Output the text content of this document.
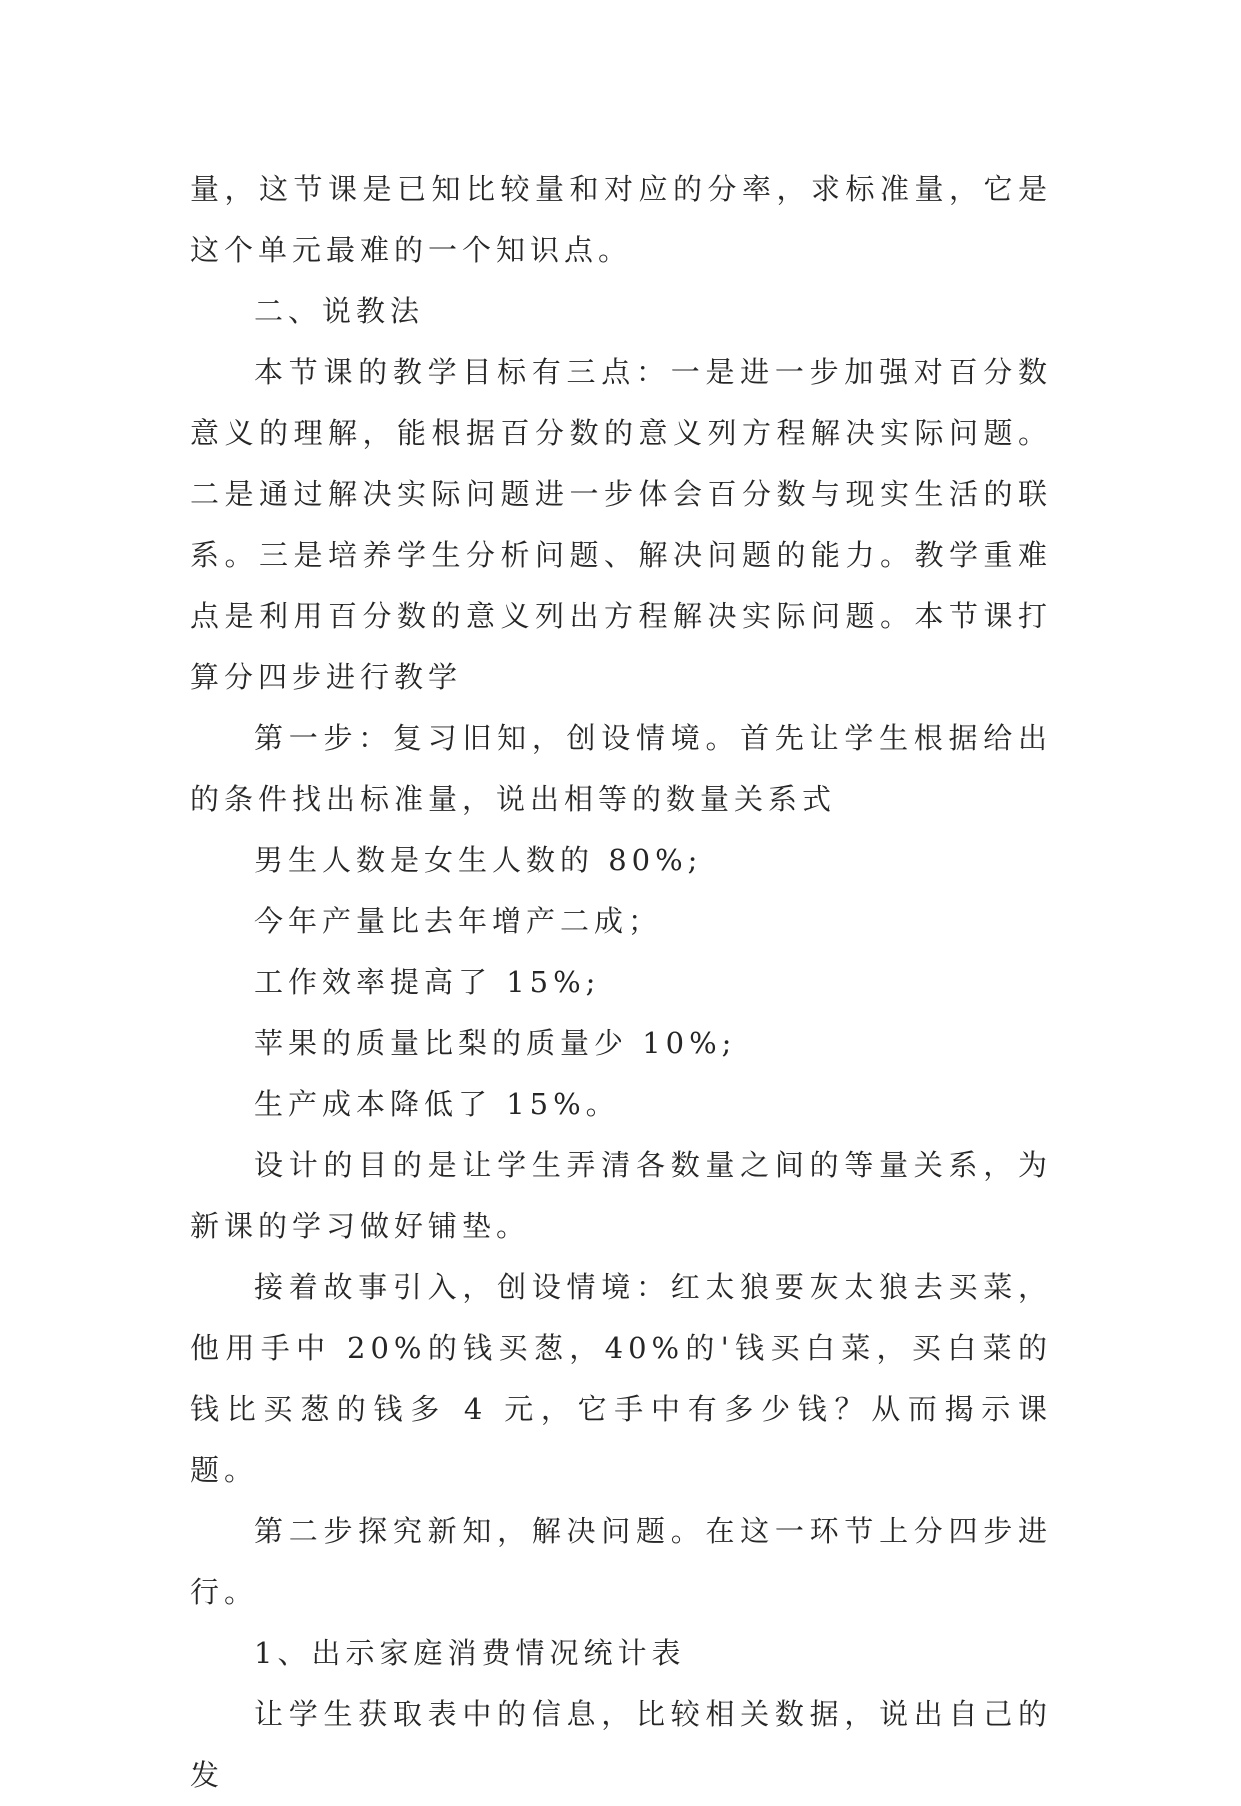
量，这节课是已知比较量和对应的分率，求标准量，它是这个单元最难的一个知识点。

二、说教法

本节课的教学目标有三点：一是进一步加强对百分数意义的理解，能根据百分数的意义列方程解决实际问题。二是通过解决实际问题进一步体会百分数与现实生活的联系。三是培养学生分析问题、解决问题的能力。教学重难点是利用百分数的意义列出方程解决实际问题。本节课打算分四步进行教学

第一步：复习旧知，创设情境。首先让学生根据给出的条件找出标准量，说出相等的数量关系式

男生人数是女生人数的 80%;

今年产量比去年增产二成；

工作效率提高了 15%;

苹果的质量比梨的质量少 10%;

生产成本降低了 15%。

设计的目的是让学生弄清各数量之间的等量关系，为新课的学习做好铺垫。

接着故事引入，创设情境：红太狼要灰太狼去买菜，他用手中 20%的钱买葱，40%的'钱买白菜，买白菜的钱比买葱的钱多 4 元，它手中有多少钱？从而揭示课题。

第二步探究新知，解决问题。在这一环节上分四步进行。

1、出示家庭消费情况统计表

让学生获取表中的信息，比较相关数据，说出自己的发
